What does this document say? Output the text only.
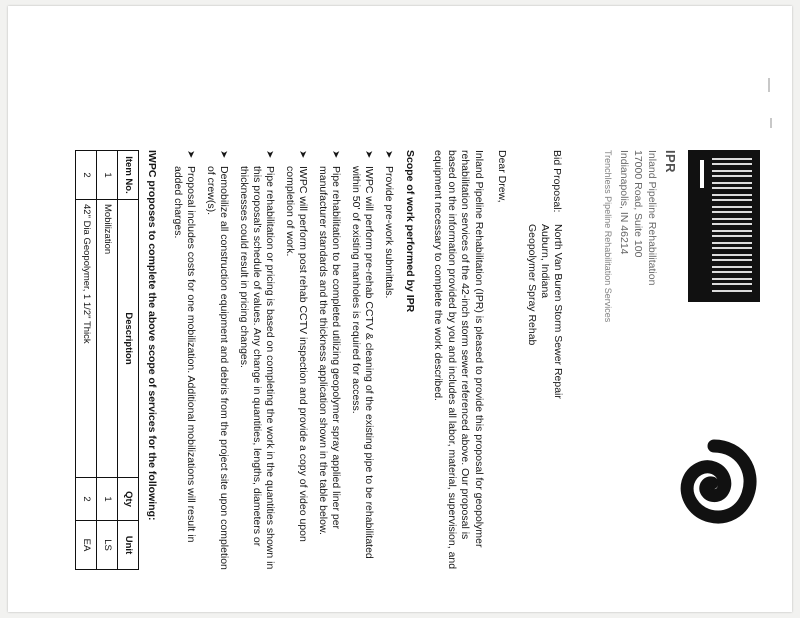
IPR
Inland Pipeline Rehabilitation
17000 Road, Suite 100
Indianapolis, IN 46214
Trenchless Pipeline Rehabilitation Services
Bid Proposal:
North Van Buren Storm Sewer Repair
Auburn, Indiana
Geopolymer Spray Rehab
Dear Drew,
Inland Pipeline Rehabilitation (IPR) is pleased to provide this proposal for geopolymer rehabilitation services of the 42-inch storm sewer referenced above. Our proposal is based on the information provided by you and includes all labor, material, supervision, and equipment necessary to complete the work described.
Scope of work performed by IPR
➤
Provide pre-work submittals.
➤
IWPC will perform pre-rehab CCTV & cleaning of the existing pipe to be rehabilitated within 50' of existing manholes is required for access.
➤
Pipe rehabilitation to be completed utilizing geopolymer spray applied liner per manufacturer standards and the thickness application shown in the table below.
➤
IWPC will perform post rehab CCTV inspection and provide a copy of video upon completion of work.
➤
Pipe rehabilitation or pricing is based on completing the work in the quantities shown in this proposal's schedule of values. Any change in quantities, lengths, diameters or thicknesses could result in pricing changes.
➤
Demobilize all construction equipment and debris from the project site upon completion of crew(s).
➤
Proposal includes costs for one mobilization. Additional mobilizations will result in added charges.
IWPC proposes to complete the above scope of services for the following:
Item No.	Description	Qty	Unit
1	Mobilization	1	LS
2	42" Dia Geopolymer, 1 1/2" Thick	2	EA
